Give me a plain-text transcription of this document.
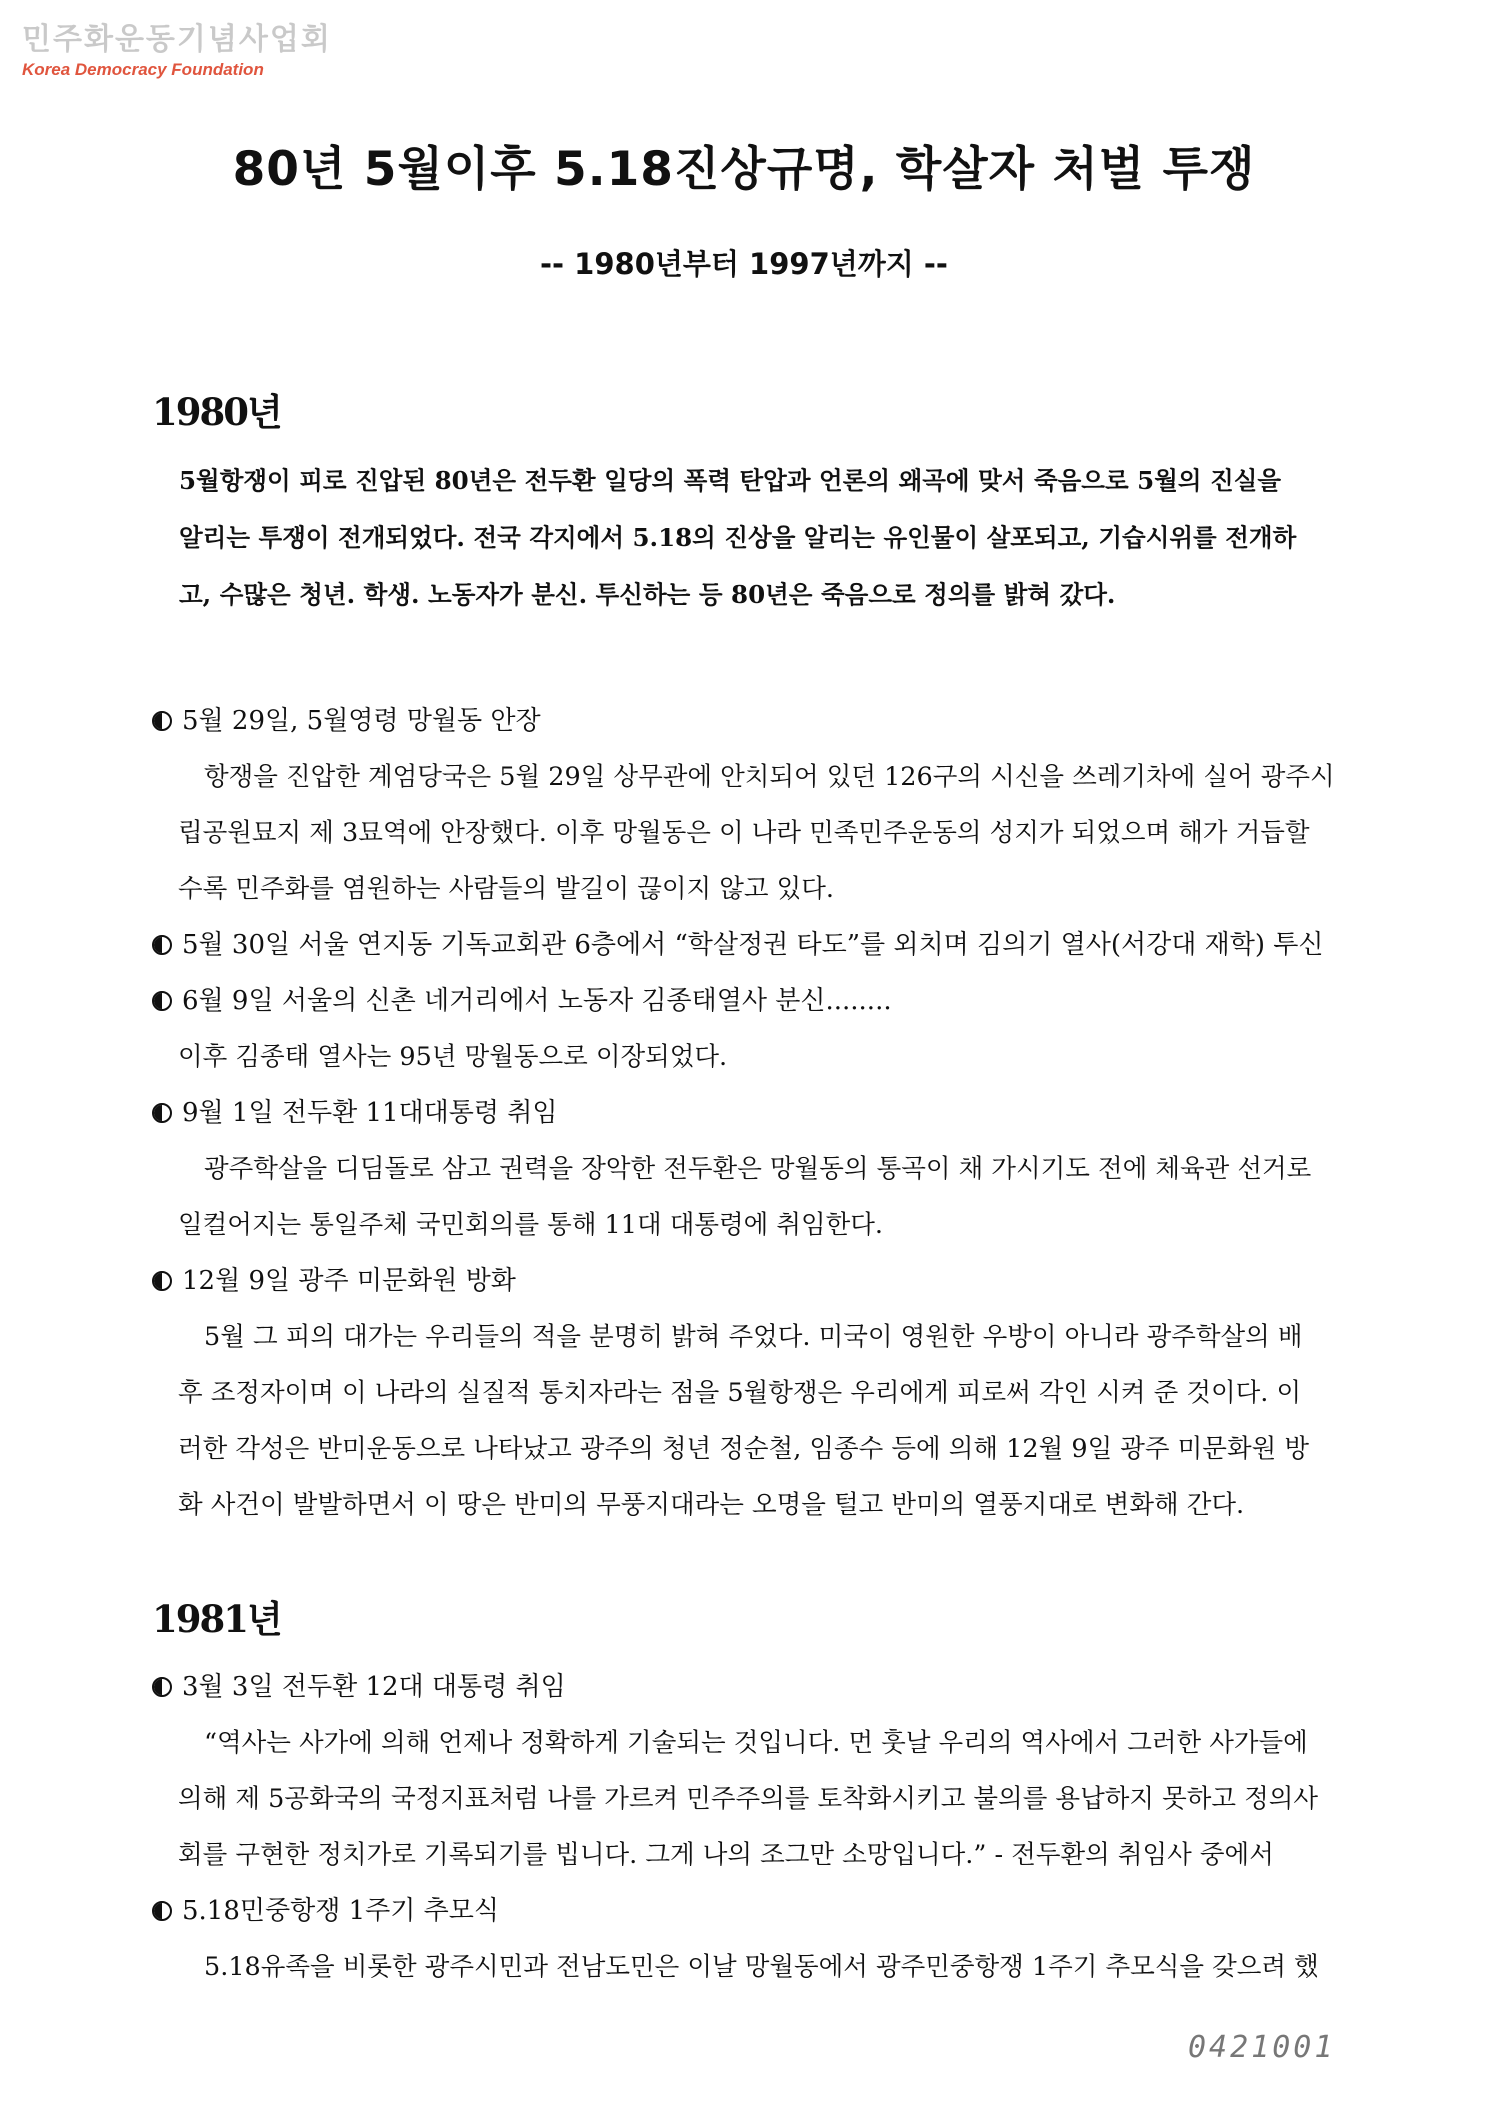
민주화운동기념사업회
Korea Democracy Foundation
80년 5월이후 5.18진상규명, 학살자 처벌 투쟁
-- 1980년부터 1997년까지 --
1980년
5월항쟁이 피로 진압된 80년은 전두환 일당의 폭력 탄압과 언론의 왜곡에 맞서 죽음으로 5월의 진실을
알리는 투쟁이 전개되었다. 전국 각지에서 5.18의 진상을 알리는 유인물이 살포되고, 기습시위를 전개하
고, 수많은 청년. 학생. 노동자가 분신. 투신하는 등 80년은 죽음으로 정의를 밝혀 갔다.
5월 29일, 5월영령 망월동 안장
항쟁을 진압한 계엄당국은 5월 29일 상무관에 안치되어 있던 126구의 시신을 쓰레기차에 실어 광주시
립공원묘지 제 3묘역에 안장했다. 이후 망월동은 이 나라 민족민주운동의 성지가 되었으며 해가 거듭할
수록 민주화를 염원하는 사람들의 발길이 끊이지 않고 있다.
5월 30일 서울 연지동 기독교회관 6층에서 “학살정권 타도”를 외치며 김의기 열사(서강대 재학) 투신
6월 9일 서울의 신촌 네거리에서 노동자 김종태열사 분신........
이후 김종태 열사는 95년 망월동으로 이장되었다.
9월 1일 전두환 11대대통령 취임
광주학살을 디딤돌로 삼고 권력을 장악한 전두환은 망월동의 통곡이 채 가시기도 전에 체육관 선거로
일컬어지는 통일주체 국민회의를 통해 11대 대통령에 취임한다.
12월 9일 광주 미문화원 방화
5월 그 피의 대가는 우리들의 적을 분명히 밝혀 주었다. 미국이 영원한 우방이 아니라 광주학살의 배
후 조정자이며 이 나라의 실질적 통치자라는 점을 5월항쟁은 우리에게 피로써 각인 시켜 준 것이다. 이
러한 각성은 반미운동으로 나타났고 광주의 청년 정순철, 임종수 등에 의해 12월 9일 광주 미문화원 방
화 사건이 발발하면서 이 땅은 반미의 무풍지대라는 오명을 털고 반미의 열풍지대로 변화해 간다.
1981년
3월 3일 전두환 12대 대통령 취임
“역사는 사가에 의해 언제나 정확하게 기술되는 것입니다. 먼 훗날 우리의 역사에서 그러한 사가들에
의해 제 5공화국의 국정지표처럼 나를 가르켜 민주주의를 토착화시키고 불의를 용납하지 못하고 정의사
회를 구현한 정치가로 기록되기를 빕니다. 그게 나의 조그만 소망입니다.” - 전두환의 취임사 중에서
5.18민중항쟁 1주기 추모식
5.18유족을 비롯한 광주시민과 전남도민은 이날 망월동에서 광주민중항쟁 1주기 추모식을 갖으려 했
0421001
